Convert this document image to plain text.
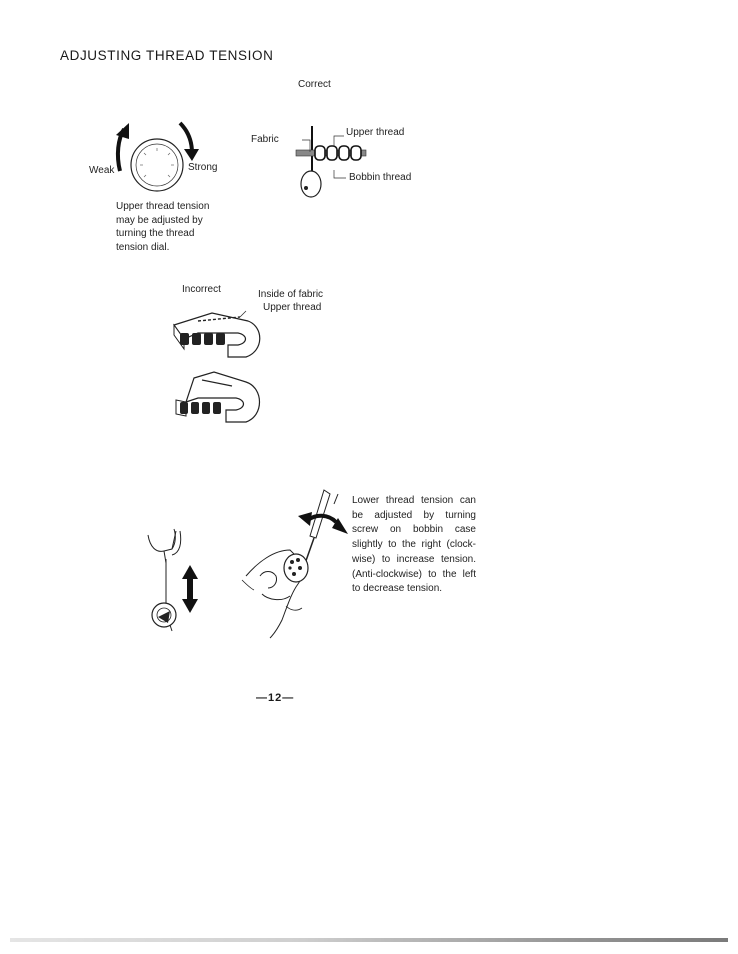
ADJUSTING THREAD TENSION
Weak	Strong
Upper thread tension may be adjusted by turning the thread tension dial.
Correct
Fabric
Upper thread
Bobbin thread
Incorrect	Inside of fabric
Upper thread
Lower thread tension can be adjusted by turning screw on bobbin case slightly to the right (clock-wise) to increase tension. (Anti-clockwise) to the left to decrease tension.
—12—
